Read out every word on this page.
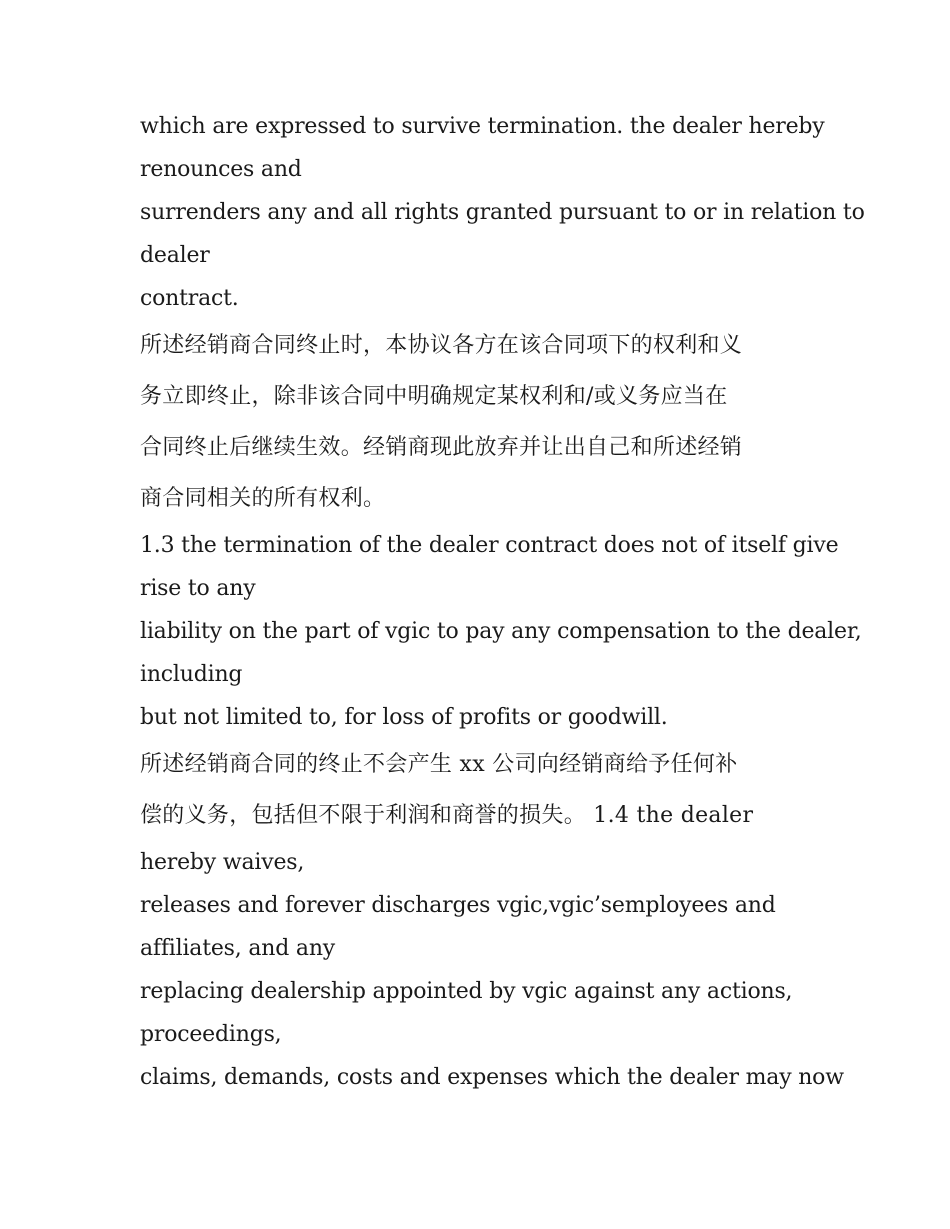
which are expressed to survive termination. the dealer hereby
renounces and
surrenders any and all rights granted pursuant to or in relation to
dealer
contract.

所述经销商合同终止时，本协议各方在该合同项下的权利和义
务立即终止，除非该合同中明确规定某权利和/或义务应当在
合同终止后继续生效。经销商现此放弃并让出自己和所述经销
商合同相关的所有权利。

1.3 the termination of the dealer contract does not of itself give
rise to any
liability on the part of vgic to pay any compensation to the dealer,
including
but not limited to, for loss of profits or goodwill.

所述经销商合同的终止不会产生 xx 公司向经销商给予任何补
偿的义务，包括但不限于利润和商誉的损失。 1.4 the dealer

hereby waives,
releases and forever discharges vgic,vgic’semployees and
affiliates, and any
replacing dealership appointed by vgic against any actions,
proceedings,
claims, demands, costs and expenses which the dealer may now
